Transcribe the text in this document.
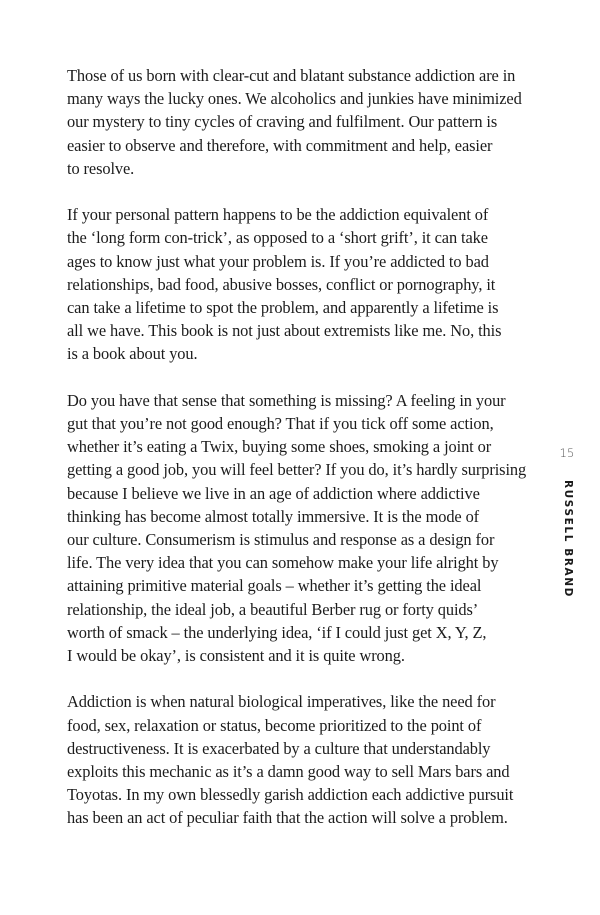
Those of us born with clear-cut and blatant substance addiction are in
many ways the lucky ones. We alcoholics and junkies have minimized
our mystery to tiny cycles of craving and fulfilment. Our pattern is
easier to observe and therefore, with commitment and help, easier
to resolve.

If your personal pattern happens to be the addiction equivalent of
the ‘long form con-trick’, as opposed to a ‘short grift’, it can take
ages to know just what your problem is. If you’re addicted to bad
relationships, bad food, abusive bosses, conflict or pornography, it
can take a lifetime to spot the problem, and apparently a lifetime is
all we have. This book is not just about extremists like me. No, this
is a book about you.

Do you have that sense that something is missing? A feeling in your
gut that you’re not good enough? That if you tick off some action,
whether it’s eating a Twix, buying some shoes, smoking a joint or
getting a good job, you will feel better? If you do, it’s hardly surprising
because I believe we live in an age of addiction where addictive
thinking has become almost totally immersive. It is the mode of
our culture. Consumerism is stimulus and response as a design for
life. The very idea that you can somehow make your life alright by
attaining primitive material goals – whether it’s getting the ideal
relationship, the ideal job, a beautiful Berber rug or forty quids’
worth of smack – the underlying idea, ‘if I could just get X, Y, Z,
I would be okay’, is consistent and it is quite wrong.

Addiction is when natural biological imperatives, like the need for
food, sex, relaxation or status, become prioritized to the point of
destructiveness. It is exacerbated by a culture that understandably
exploits this mechanic as it’s a damn good way to sell Mars bars and
Toyotas. In my own blessedly garish addiction each addictive pursuit
has been an act of peculiar faith that the action will solve a problem.

15
RUSSELL BRAND
